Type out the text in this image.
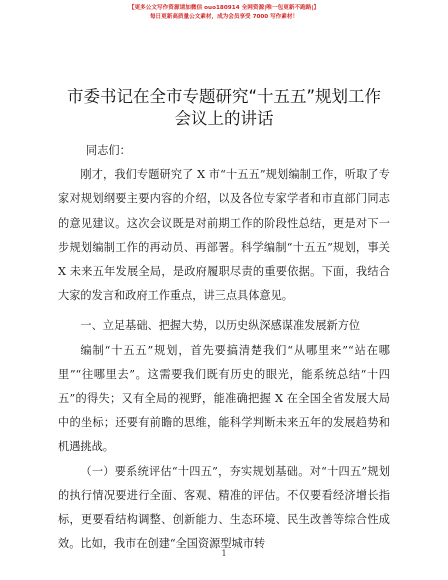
【更多公文写作资源请加微信 ouo180914 全网资源|唯一包更新不跑路|】
每日更新高质量公文素材，成为会员享受 7000 写作素材！
市委书记在全市专题研究“十五五”规划工作
会议上的讲话

同志们：

刚才，我们专题研究了 X 市“十五五”规划编制工作，听取了专家对规划纲要主要内容的介绍，以及各位专家学者和市直部门同志的意见建议。这次会议既是对前期工作的阶段性总结，更是对下一步规划编制工作的再动员、再部署。科学编制“十五五”规划，事关 X 未来五年发展全局，是政府履职尽责的重要依据。下面，我结合大家的发言和政府工作重点，讲三点具体意见。

一、立足基础、把握大势，以历史纵深感谋准发展新方位

编制“十五五”规划，首先要搞清楚我们“从哪里来”“站在哪里”“往哪里去”。这需要我们既有历史的眼光，能系统总结“十四五”的得失；又有全局的视野，能准确把握 X 在全国全省发展大局中的坐标；还要有前瞻的思维，能科学判断未来五年的发展趋势和机遇挑战。

（一）要系统评估“十四五”，夯实规划基础。对“十四五”规划的执行情况要进行全面、客观、精准的评估。不仅要看经济增长指标，更要看结构调整、创新能力、生态环境、民生改善等综合性成效。比如，我市在创建“全国资源型城市转

1
